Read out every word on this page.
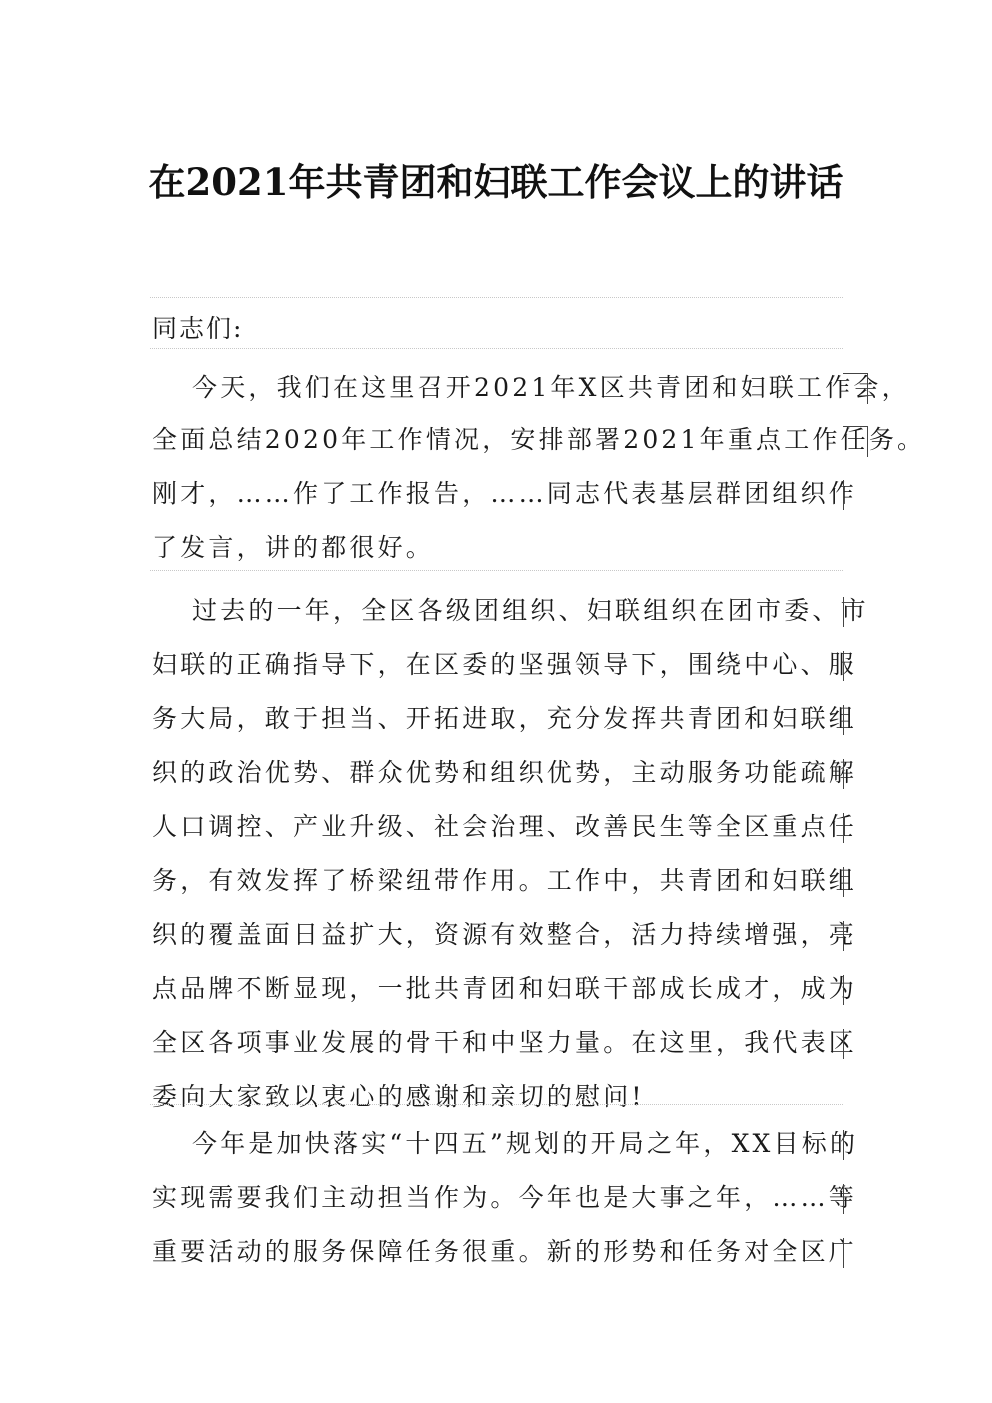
在2021年共青团和妇联工作会议上的讲话
同志们:
今天，我们在这里召开2021年X区共青团和妇联工作会，
全面总结2020年工作情况，安排部署2021年重点工作任务。
刚才，……作了工作报告，……同志代表基层群团组织作
了发言，讲的都很好。
过去的一年，全区各级团组织、妇联组织在团市委、市
妇联的正确指导下，在区委的坚强领导下，围绕中心、服
务大局，敢于担当、开拓进取，充分发挥共青团和妇联组
织的政治优势、群众优势和组织优势，主动服务功能疏解
人口调控、产业升级、社会治理、改善民生等全区重点任
务，有效发挥了桥梁纽带作用。工作中，共青团和妇联组
织的覆盖面日益扩大，资源有效整合，活力持续增强，亮
点品牌不断显现，一批共青团和妇联干部成长成才，成为
全区各项事业发展的骨干和中坚力量。在这里，我代表区
委向大家致以衷心的感谢和亲切的慰问!
今年是加快落实“十四五”规划的开局之年，XX目标的
实现需要我们主动担当作为。今年也是大事之年，……等
重要活动的服务保障任务很重。新的形势和任务对全区广
